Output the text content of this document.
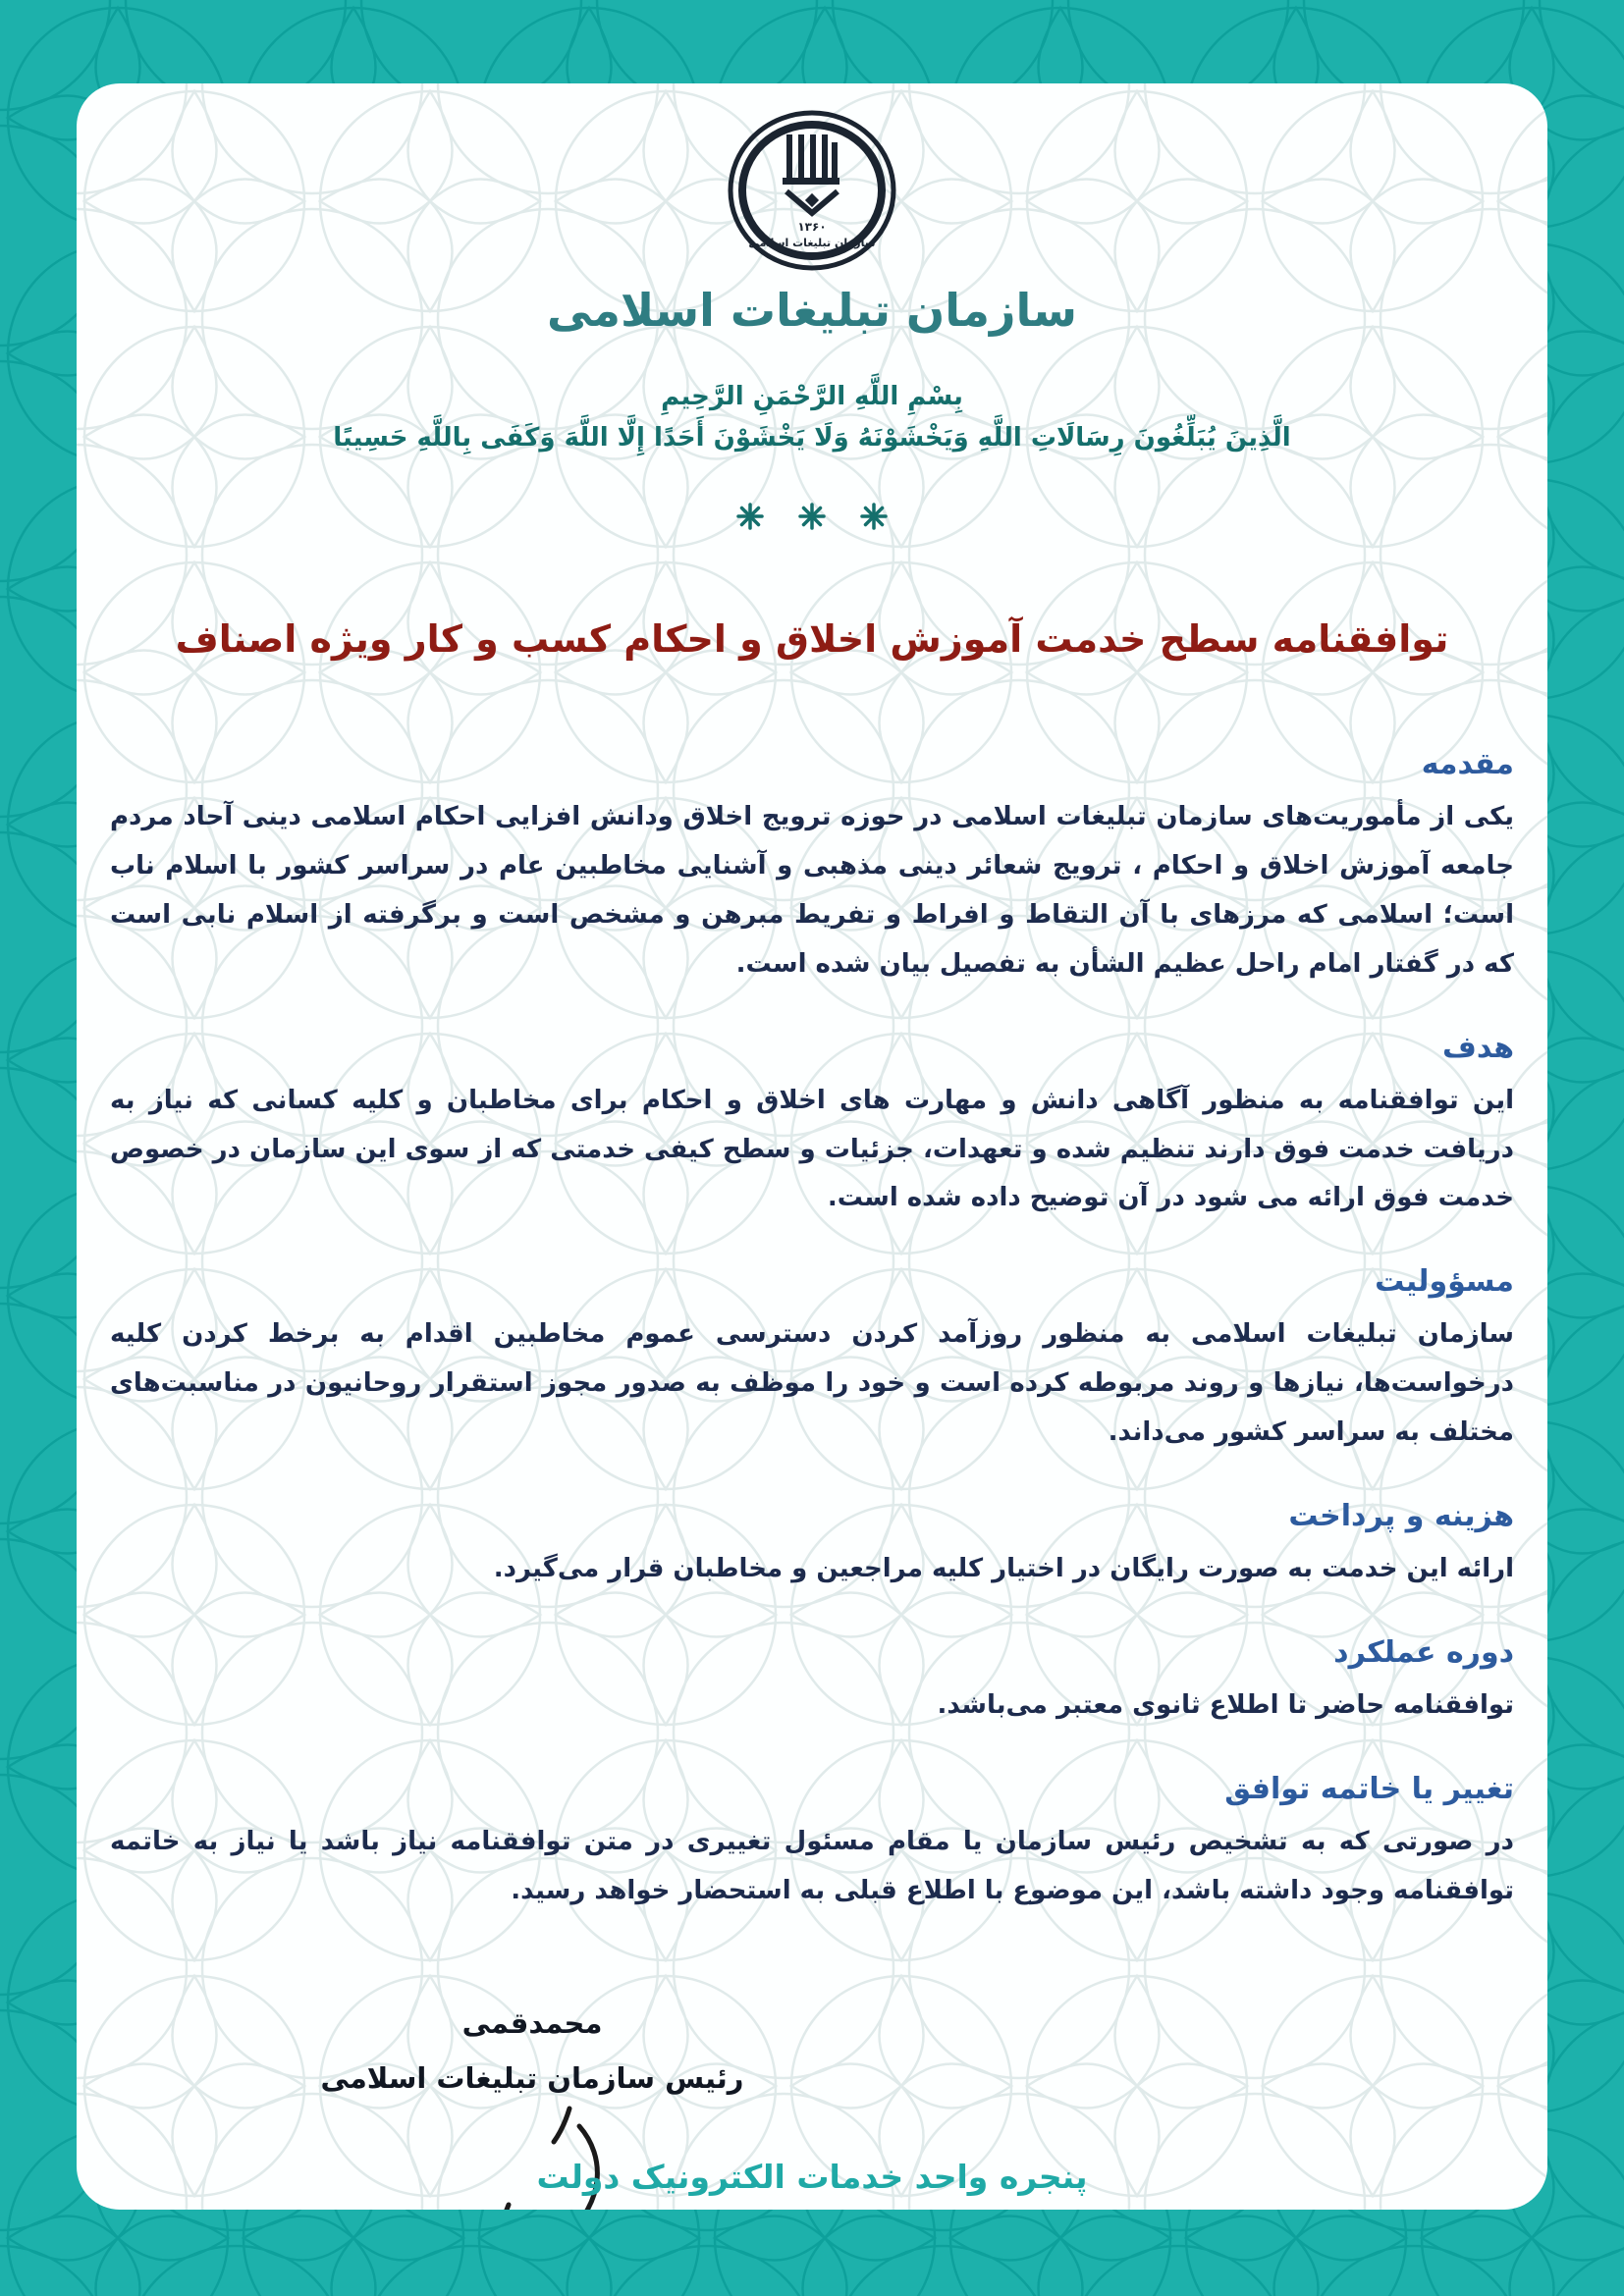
۱۳۶۰
سازمان تبلیغات اسلامی
سازمان تبلیغات اسلامی
بِسْمِ اللَّهِ الرَّحْمَنِ الرَّحِيمِ
الَّذِينَ يُبَلِّغُونَ رِسَالَاتِ اللَّهِ وَيَخْشَوْنَهُ وَلَا يَخْشَوْنَ أَحَدًا إِلَّا اللَّهَ وَكَفَى بِاللَّهِ حَسِيبًا

توافقنامه سطح خدمت آموزش اخلاق و احکام کسب و کار ویژه اصناف
مقدمه

یکی از مأموریت‌های سازمان تبلیغات اسلامی در حوزه ترویج اخلاق ودانش افزایی احکام اسلامی دینی آحاد مردم جامعه آموزش اخلاق و احکام ، ترویج شعائر دینی مذهبی و آشنایی مخاطبین عام در سراسر کشور با اسلام ناب است؛ اسلامی که مرزهای با آن التقاط و افراط و تفریط مبرهن و مشخص است و برگرفته از اسلام نابی است که در گفتار امام راحل عظیم الشأن به تفصیل بیان شده است.

هدف

این توافقنامه به منظور آگاهی دانش و مهارت های اخلاق و احکام برای مخاطبان و کلیه کسانی که نیاز به دریافت خدمت فوق دارند تنظیم شده و تعهدات، جزئیات و سطح کیفی خدمتی که از سوی این سازمان در خصوص خدمت فوق ارائه می شود در آن توضیح داده شده است.

مسؤولیت

سازمان تبلیغات اسلامی به منظور روزآمد کردن دسترسی عموم مخاطبین اقدام به برخط کردن کلیه درخواست‌ها، نیازها و روند مربوطه کرده است و خود را موظف به صدور مجوز استقرار روحانیون در مناسبت‌های مختلف به سراسر کشور می‌داند.

هزینه و پرداخت

ارائه این خدمت به صورت رایگان در اختیار کلیه مراجعین و مخاطبان قرار می‌گیرد.

دوره عملکرد

توافقنامه حاضر تا اطلاع ثانوی معتبر می‌باشد.

تغییر یا خاتمه توافق

در صورتی که به تشخیص رئیس سازمان یا مقام مسئول تغییری در متن توافقنامه نیاز باشد یا نیاز به خاتمه توافقنامه وجود داشته باشد، این موضوع با اطلاع قبلی به استحضار خواهد رسید.

محمدقمی
رئیس سازمان تبلیغات اسلامی
پنجره واحد خدمات الکترونیک دولت
